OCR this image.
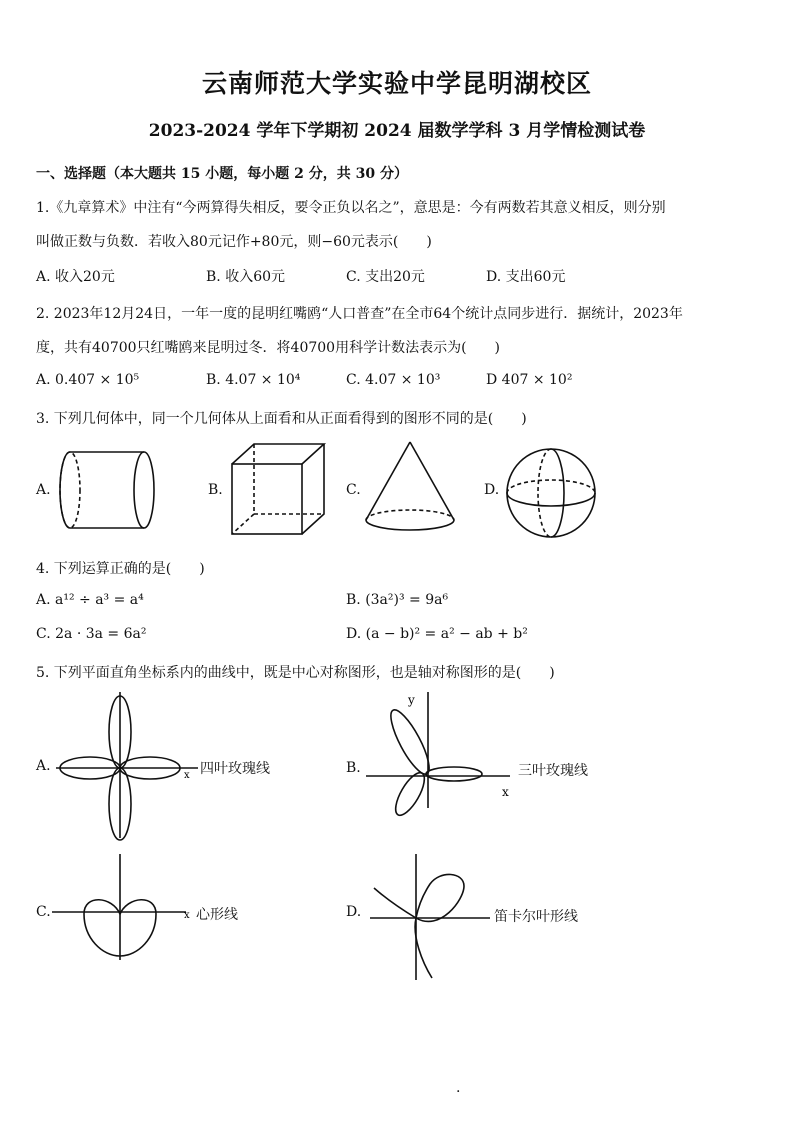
云南师范大学实验中学昆明湖校区
2023-2024 学年下学期初 2024 届数学学科 3 月学情检测试卷
一、选择题（本大题共 15 小题，每小题 2 分，共 30 分）
1.《九章算术》中注有“今两算得失相反，要令正负以名之”，意思是：今有两数若其意义相反，则分别
叫做正数与负数．若收入80元记作+80元，则−60元表示(　　)
A. 收入20元	B. 收入60元	C. 支出20元	D. 支出60元
2. 2023年12月24日，一年一度的昆明红嘴鸥“人口普查”在全市64个统计点同步进行．据统计，2023年
度，共有40700只红嘴鸥来昆明过冬．将40700用科学计数法表示为(　　)
A. 0.407 × 10⁵	B. 4.07 × 10⁴	C. 4.07 × 10³	D 407 × 10²
3. 下列几何体中，同一个几何体从上面看和从正面看得到的图形不同的是(　　)
A.	B.	C.	D.
4. 下列运算正确的是(　　)
A. a¹² ÷ a³ = a⁴	B. (3a²)³ = 9a⁶
C. 2a · 3a = 6a²	D. (a − b)² = a² − ab + b²
5. 下列平面直角坐标系内的曲线中，既是中心对称图形，也是轴对称图形的是(　　)
A.
x 四叶玫瑰线	B.
y
x
三叶玫瑰线
C.	x 心形线	D.	笛卡尔叶形线
.
